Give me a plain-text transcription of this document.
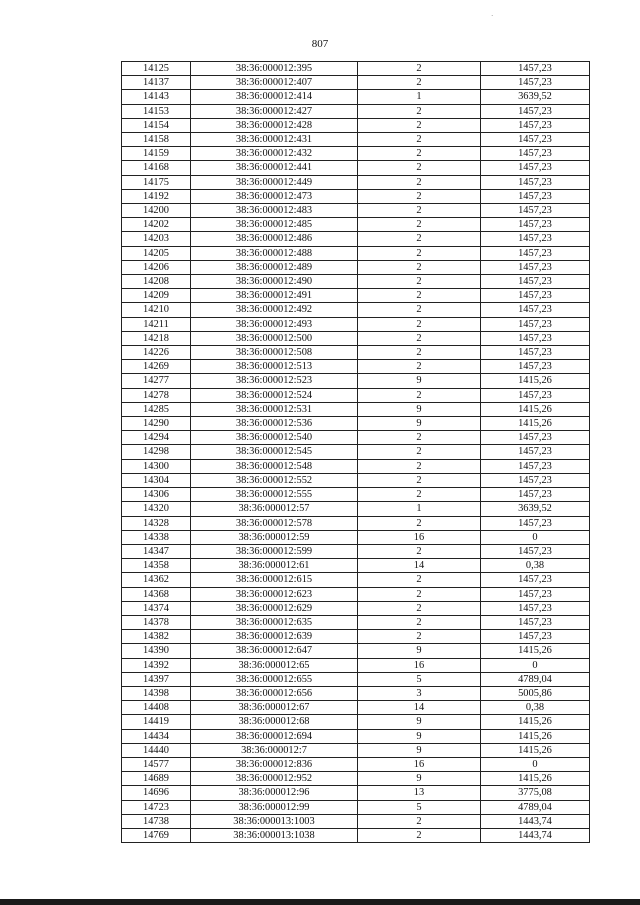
·
807
14125	38:36:000012:395	2	1457,23
14137	38:36:000012:407	2	1457,23
14143	38:36:000012:414	1	3639,52
14153	38:36:000012:427	2	1457,23
14154	38:36:000012:428	2	1457,23
14158	38:36:000012:431	2	1457,23
14159	38:36:000012:432	2	1457,23
14168	38:36:000012:441	2	1457,23
14175	38:36:000012:449	2	1457,23
14192	38:36:000012:473	2	1457,23
14200	38:36:000012:483	2	1457,23
14202	38:36:000012:485	2	1457,23
14203	38:36:000012:486	2	1457,23
14205	38:36:000012:488	2	1457,23
14206	38:36:000012:489	2	1457,23
14208	38:36:000012:490	2	1457,23
14209	38:36:000012:491	2	1457,23
14210	38:36:000012:492	2	1457,23
14211	38:36:000012:493	2	1457,23
14218	38:36:000012:500	2	1457,23
14226	38:36:000012:508	2	1457,23
14269	38:36:000012:513	2	1457,23
14277	38:36:000012:523	9	1415,26
14278	38:36:000012:524	2	1457,23
14285	38:36:000012:531	9	1415,26
14290	38:36:000012:536	9	1415,26
14294	38:36:000012:540	2	1457,23
14298	38:36:000012:545	2	1457,23
14300	38:36:000012:548	2	1457,23
14304	38:36:000012:552	2	1457,23
14306	38:36:000012:555	2	1457,23
14320	38:36:000012:57	1	3639,52
14328	38:36:000012:578	2	1457,23
14338	38:36:000012:59	16	0
14347	38:36:000012:599	2	1457,23
14358	38:36:000012:61	14	0,38
14362	38:36:000012:615	2	1457,23
14368	38:36:000012:623	2	1457,23
14374	38:36:000012:629	2	1457,23
14378	38:36:000012:635	2	1457,23
14382	38:36:000012:639	2	1457,23
14390	38:36:000012:647	9	1415,26
14392	38:36:000012:65	16	0
14397	38:36:000012:655	5	4789,04
14398	38:36:000012:656	3	5005,86
14408	38:36:000012:67	14	0,38
14419	38:36:000012:68	9	1415,26
14434	38:36:000012:694	9	1415,26
14440	38:36:000012:7	9	1415,26
14577	38:36:000012:836	16	0
14689	38:36:000012:952	9	1415,26
14696	38:36:000012:96	13	3775,08
14723	38:36:000012:99	5	4789,04
14738	38:36:000013:1003	2	1443,74
14769	38:36:000013:1038	2	1443,74
